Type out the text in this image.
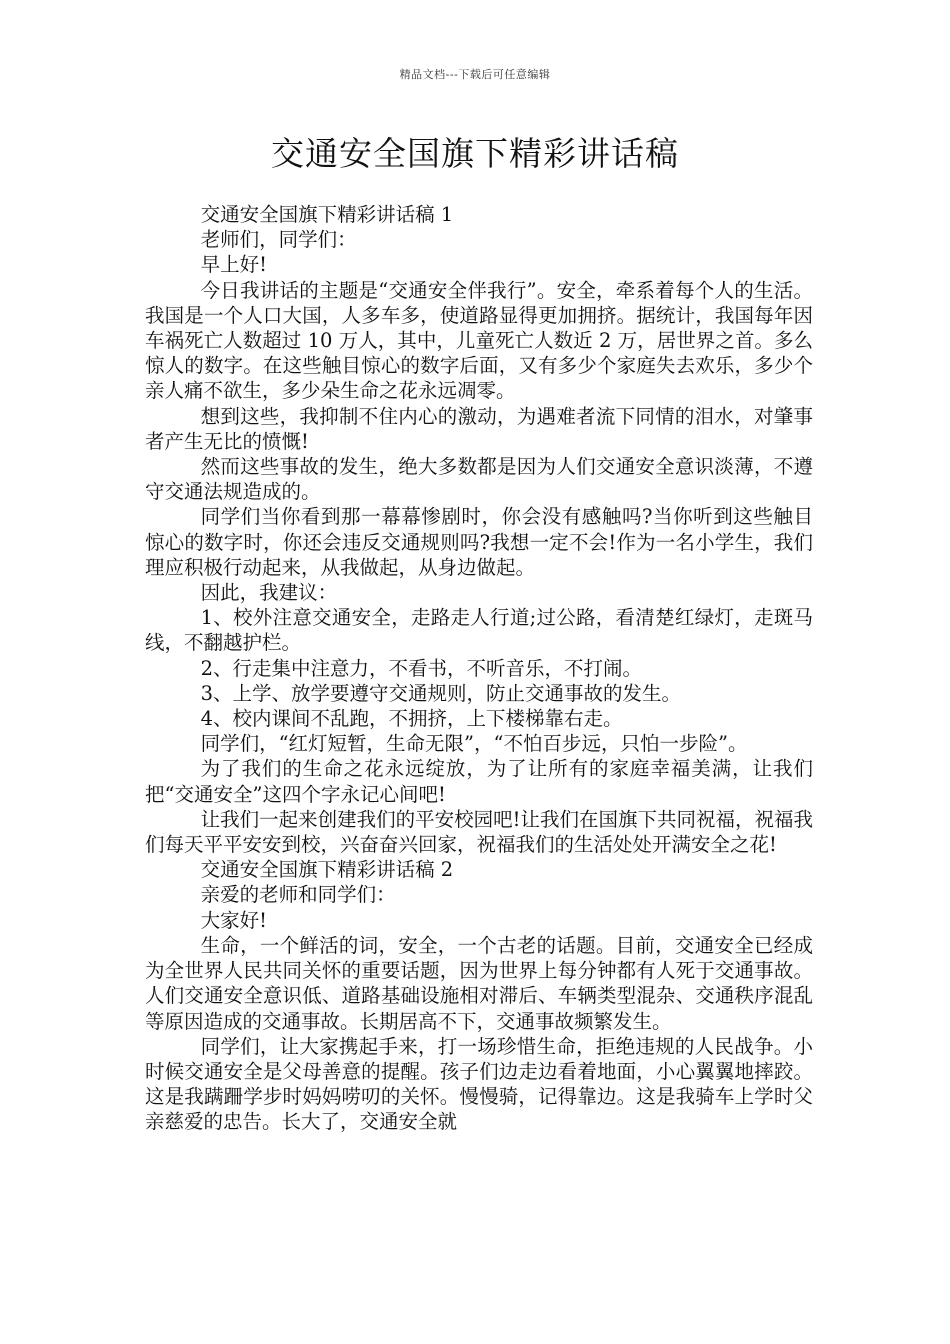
精品文档---下载后可任意编辑
交通安全国旗下精彩讲话稿

交通安全国旗下精彩讲话稿 1

老师们，同学们：

早上好!

今日我讲话的主题是“交通安全伴我行”。安全，牵系着每个人的生活。我国是一个人口大国，人多车多，使道路显得更加拥挤。据统计，我国每年因车祸死亡人数超过 10 万人，其中，儿童死亡人数近 2 万，居世界之首。多么惊人的数字。在这些触目惊心的数字后面，又有多少个家庭失去欢乐，多少个亲人痛不欲生，多少朵生命之花永远凋零。

想到这些，我抑制不住内心的激动，为遇难者流下同情的泪水，对肇事者产生无比的愤慨!

然而这些事故的发生，绝大多数都是因为人们交通安全意识淡薄，不遵守交通法规造成的。

同学们当你看到那一幕幕惨剧时，你会没有感触吗?当你听到这些触目惊心的数字时，你还会违反交通规则吗?我想一定不会!作为一名小学生，我们理应积极行动起来，从我做起，从身边做起。

因此，我建议：

1、校外注意交通安全，走路走人行道;过公路，看清楚红绿灯，走斑马线，不翻越护栏。

2、行走集中注意力，不看书，不听音乐，不打闹。

3、上学、放学要遵守交通规则，防止交通事故的发生。

4、校内课间不乱跑，不拥挤，上下楼梯靠右走。

同学们，“红灯短暂，生命无限”，“不怕百步远，只怕一步险”。

为了我们的生命之花永远绽放，为了让所有的家庭幸福美满，让我们把“交通安全”这四个字永记心间吧!

让我们一起来创建我们的平安校园吧!让我们在国旗下共同祝福，祝福我们每天平平安安到校，兴奋奋兴回家，祝福我们的生活处处开满安全之花!

交通安全国旗下精彩讲话稿 2

亲爱的老师和同学们：

大家好!

生命，一个鲜活的词，安全，一个古老的话题。目前，交通安全已经成为全世界人民共同关怀的重要话题，因为世界上每分钟都有人死于交通事故。人们交通安全意识低、道路基础设施相对滞后、车辆类型混杂、交通秩序混乱等原因造成的交通事故。长期居高不下，交通事故频繁发生。

同学们，让大家携起手来，打一场珍惜生命，拒绝违规的人民战争。小时候交通安全是父母善意的提醒。孩子们边走边看着地面，小心翼翼地摔跤。这是我蹒跚学步时妈妈唠叨的关怀。慢慢骑，记得靠边。这是我骑车上学时父亲慈爱的忠告。长大了，交通安全就
